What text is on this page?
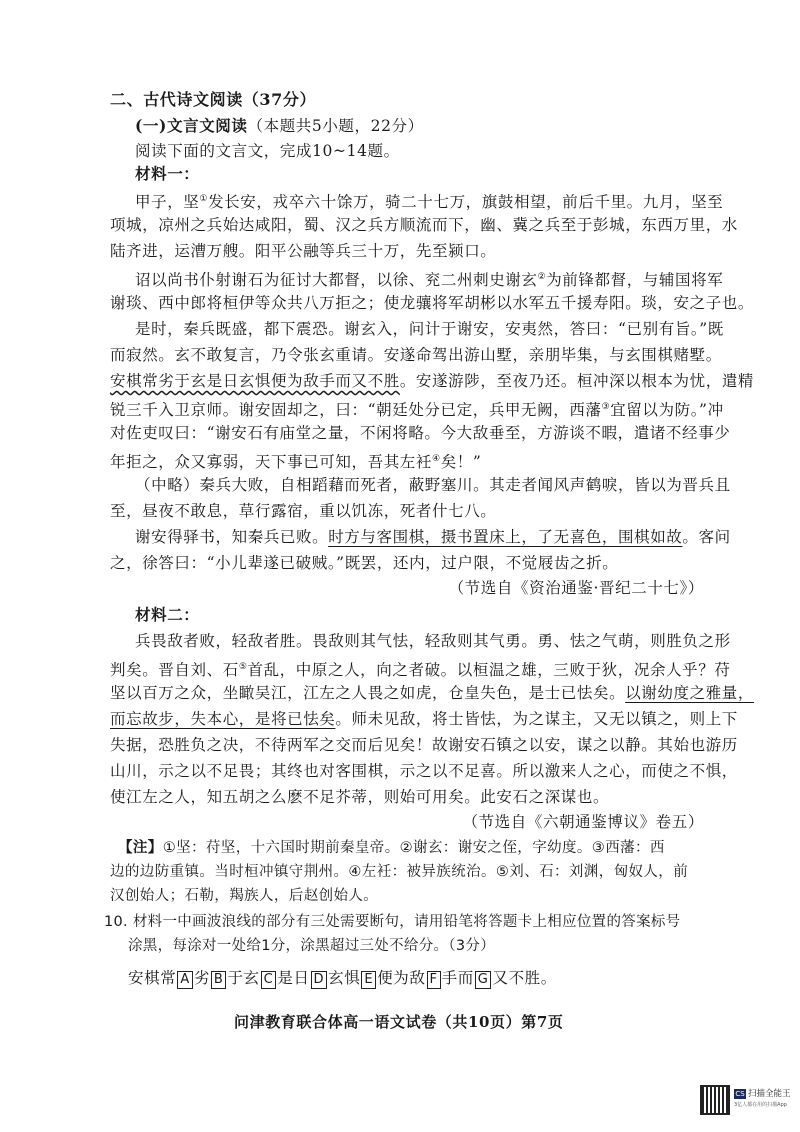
二、古代诗文阅读（37分）
(一)文言文阅读（本题共5小题，22分）
阅读下面的文言文，完成10~14题。
材料一：
甲子，坚①发长安，戎卒六十馀万，骑二十七万，旗鼓相望，前后千里。九月，坚至
项城，凉州之兵始达咸阳，蜀、汉之兵方顺流而下，幽、冀之兵至于彭城，东西万里，水
陆齐进，运漕万艘。阳平公融等兵三十万，先至颍口。
诏以尚书仆射谢石为征讨大都督，以徐、兖二州刺史谢玄②为前锋都督，与辅国将军
谢琰、西中郎将桓伊等众共八万拒之；使龙骧将军胡彬以水军五千援寿阳。琰，安之子也。
是时，秦兵既盛，都下震恐。谢玄入，问计于谢安，安夷然，答曰：“已别有旨。”既
而寂然。玄不敢复言，乃令张玄重请。安遂命驾出游山墅，亲朋毕集，与玄围棋赌墅。
安棋常劣于玄是日玄惧便为敌手而又不胜。安遂游陟，至夜乃还。桓冲深以根本为忧，遣精
锐三千入卫京师。谢安固却之，曰：“朝廷处分已定，兵甲无阙，西藩③宜留以为防。”冲
对佐吏叹曰：“谢安石有庙堂之量，不闲将略。今大敌垂至，方游谈不暇，遣诸不经事少
年拒之，众又寡弱，天下事已可知，吾其左衽④矣！”
（中略）秦兵大败，自相蹈藉而死者，蔽野塞川。其走者闻风声鹤唳，皆以为晋兵且
至，昼夜不敢息，草行露宿，重以饥冻，死者什七八。
谢安得驿书，知秦兵已败。时方与客围棋，摄书置床上，了无喜色，围棋如故。客问
之，徐答曰：“小儿辈遂已破贼。”既罢，还内，过户限，不觉屐齿之折。
（节选自《资治通鉴·晋纪二十七》）
材料二：
兵畏敌者败，轻敌者胜。畏敌则其气怯，轻敌则其气勇。勇、怯之气萌，则胜负之形
判矣。晋自刘、石⑤首乱，中原之人，向之者破。以桓温之雄，三败于狄，况余人乎？苻
坚以百万之众，坐瞰吴江，江左之人畏之如虎，仓皇失色，是士已怯矣。以谢幼度之雅量，
而忘故步，失本心，是将已怯矣。师未见敌，将士皆怯，为之谋主，又无以镇之，则上下
失据，恐胜负之决，不待两军之交而后见矣！故谢安石镇之以安，谋之以静。其始也游历
山川，示之以不足畏；其终也对客围棋，示之以不足喜。所以激来人之心，而使之不惧，
使江左之人，知五胡之么麽不足芥蒂，则始可用矣。此安石之深谋也。
（节选自《六朝通鉴博议》卷五）
【注】①坚：苻坚，十六国时期前秦皇帝。②谢玄：谢安之侄，字幼度。③西藩：西
边的边防重镇。当时桓冲镇守荆州。④左衽：被异族统治。⑤刘、石：刘渊，匈奴人，前
汉创始人；石勒，羯族人，后赵创始人。
10. 材料一中画波浪线的部分有三处需要断句，请用铅笔将答题卡上相应位置的答案标号
涂黑，每涂对一处给1分，涂黑超过三处不给分。（3分）
安棋常 A 劣 B 于玄 C 是日 D 玄惧 E 便为敌 F 手而 G 又不胜。
问津教育联合体高一语文试卷（共10页）第7页
CS 扫描全能王
3亿人都在用的扫描App
